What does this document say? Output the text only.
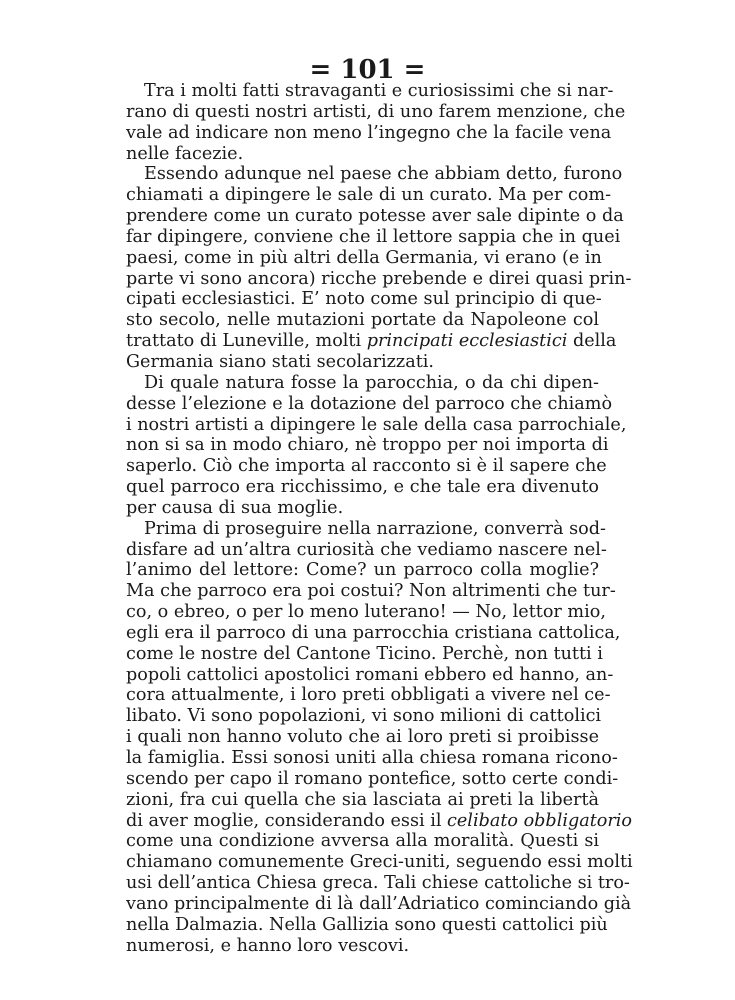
= 101 =
Tra i molti fatti stravaganti e curiosissimi che si nar-
rano di questi nostri artisti, di uno farem menzione, che
vale ad indicare non meno l’ingegno che la facile vena
nelle facezie.
Essendo adunque nel paese che abbiam detto, furono
chiamati a dipingere le sale di un curato. Ma per com-
prendere come un curato potesse aver sale dipinte o da
far dipingere, conviene che il lettore sappia che in quei
paesi, come in più altri della Germania, vi erano (e in
parte vi sono ancora) ricche prebende e direi quasi prin-
cipati ecclesiastici. E’ noto come sul principio di que-
sto secolo, nelle mutazioni portate da Napoleone col
trattato di Luneville, molti principati ecclesiastici della
Germania siano stati secolarizzati.
Di quale natura fosse la parocchia, o da chi dipen-
desse l’elezione e la dotazione del parroco che chiamò
i nostri artisti a dipingere le sale della casa parrochiale,
non si sa in modo chiaro, nè troppo per noi importa di
saperlo. Ciò che importa al racconto si è il sapere che
quel parroco era ricchissimo, e che tale era divenuto
per causa di sua moglie.
Prima di proseguire nella narrazione, converrà sod-
disfare ad un’altra curiosità che vediamo nascere nel-
l’animo del lettore: Come? un parroco colla moglie?
Ma che parroco era poi costui? Non altrimenti che tur-
co, o ebreo, o per lo meno luterano! — No, lettor mio,
egli era il parroco di una parrocchia cristiana cattolica,
come le nostre del Cantone Ticino. Perchè, non tutti i
popoli cattolici apostolici romani ebbero ed hanno, an-
cora attualmente, i loro preti obbligati a vivere nel ce-
libato. Vi sono popolazioni, vi sono milioni di cattolici
i quali non hanno voluto che ai loro preti si proibisse
la famiglia. Essi sonosi uniti alla chiesa romana ricono-
scendo per capo il romano pontefice, sotto certe condi-
zioni, fra cui quella che sia lasciata ai preti la libertà
di aver moglie, considerando essi il celibato obbligatorio
come una condizione avversa alla moralità. Questi si
chiamano comunemente Greci-uniti, seguendo essi molti
usi dell’antica Chiesa greca. Tali chiese cattoliche si tro-
vano principalmente di là dall’Adriatico cominciando già
nella Dalmazia. Nella Gallizia sono questi cattolici più
numerosi, e hanno loro vescovi.
